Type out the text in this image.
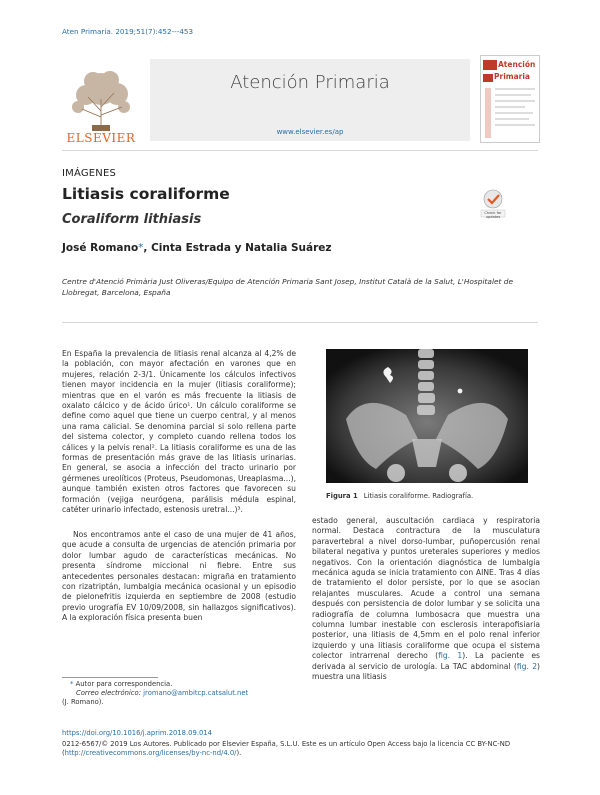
Aten Primaria. 2019;51(7):452---453
ELSEVIER
Atención Primaria
www.elsevier.es/ap
Atención
Primaria
IMÁGENES
Litiasis coraliforme
Coraliform lithiasis	Check for updates
José Romano*, Cinta Estrada y Natalia Suárez
Centre d'Atenció Primària Just Oliveras/Equipo de Atención Primaria Sant Josep, Institut Català de la Salut, L'Hospitalet de Llobregat, Barcelona, España

En España la prevalencia de litiasis renal alcanza al 4,2% de la población, con mayor afectación en varones que en mujeres, relación 2-3/1. Únicamente los cálculos infectivos tienen mayor incidencia en la mujer (litiasis coraliforme); mientras que en el varón es más frecuente la litiasis de oxalato cálcico y de ácido úrico¹. Un cálculo coraliforme se define como aquel que tiene un cuerpo central, y al menos una rama calicial. Se denomina parcial si solo rellena parte del sistema colector, y completo cuando rellena todos los cálices y la pelvis renal². La litiasis coraliforme es una de las formas de presentación más grave de las litiasis urinarias. En general, se asocia a infección del tracto urinario por gérmenes ureolíticos (Proteus, Pseudomonas, Ureaplasma...), aunque también existen otros factores que favorecen su formación (vejiga neurógena, parálisis médula espinal, catéter urinario infectado, estenosis uretral...)³.

Nos encontramos ante el caso de una mujer de 41 años, que acude a consulta de urgencias de atención primaria por dolor lumbar agudo de características mecánicas. No presenta síndrome miccional ni fiebre. Entre sus antecedentes personales destacan: migraña en tratamiento con rizatriptán, lumbalgia mecánica ocasional y un episodio de pielonefritis izquierda en septiembre de 2008 (estudio previo urografía EV 10/09/2008, sin hallazgos significativos). A la exploración física presenta buen

Figura 1 Litiasis coraliforme. Radiografía.

estado general, auscultación cardiaca y respiratoria normal. Destaca contractura de la musculatura paravertebral a nivel dorso-lumbar, puñopercusión renal bilateral negativa y puntos ureterales superiores y medios negativos. Con la orientación diagnóstica de lumbalgia mecánica aguda se inicia tratamiento con AINE. Tras 4 días de tratamiento el dolor persiste, por lo que se asocian relajantes musculares. Acude a control una semana después con persistencia de dolor lumbar y se solicita una radiografía de columna lumbosacra que muestra una columna lumbar inestable con esclerosis interapofisiaria posterior, una litiasis de 4,5mm en el polo renal inferior izquierdo y una litiasis coraliforme que ocupa el sistema colector intrarrenal derecho (fig. 1). La paciente es derivada al servicio de urología. La TAC abdominal (fig. 2) muestra una litiasis

* Autor para correspondencia.
Correo electrónico: jromano@ambitcp.catsalut.net
(J. Romano).
https://doi.org/10.1016/j.aprim.2018.09.014
0212-6567/© 2019 Los Autores. Publicado por Elsevier España, S.L.U. Este es un artículo Open Access bajo la licencia CC BY-NC-ND (http://creativecommons.org/licenses/by-nc-nd/4.0/).
